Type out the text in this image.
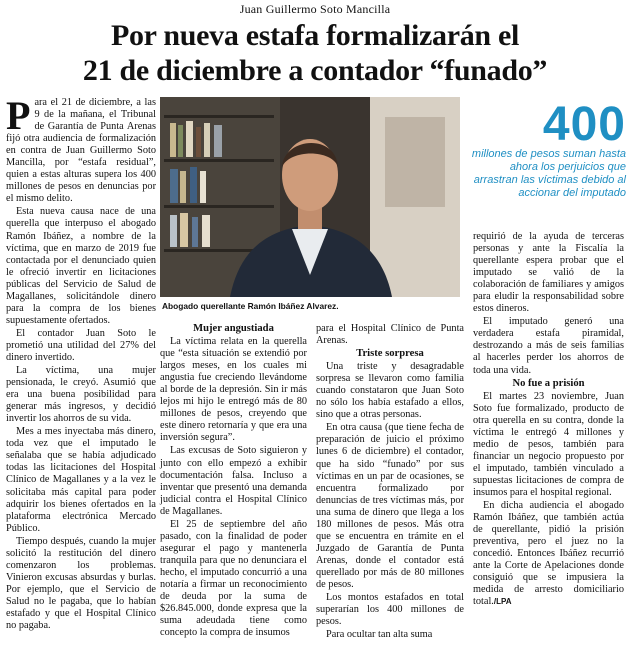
Juan Guillermo Soto Mancilla
Por nueva estafa formalizarán el
21 de diciembre a contador “funado”

Para el 21 de diciembre, a las 9 de la mañana, el Tribunal de Garantía de Punta Arenas fijó otra audiencia de formalización en contra de Juan Guillermo Soto Mancilla, por “estafa residual”, quien a estas alturas supera los 400 millones de pesos en denuncias por el mismo delito.

Esta nueva causa nace de una querella que interpuso el abogado Ramón Ibáñez, a nombre de la víctima, que en marzo de 2019 fue contactada por el denunciado quien le ofreció invertir en licitaciones públicas del Servicio de Salud de Magallanes, solicitándole dinero para la compra de los bienes supuestamente ofertados.

El contador Juan Soto le prometió una utilidad del 27% del dinero invertido.

La víctima, una mujer pensionada, le creyó. Asumió que era una buena posibilidad para generar más ingresos, y decidió invertir los ahorros de su vida.

Mes a mes inyectaba más dinero, toda vez que el imputado le señalaba que se había adjudicado todas las licitaciones del Hospital Clínico de Magallanes y a la vez le solicitaba más capital para poder adquirir los bienes ofertados en la plataforma electrónica Mercado Público.

Tiempo después, cuando la mujer solicitó la restitución del dinero comenzaron los problemas. Vinieron excusas absurdas y burlas. Por ejemplo, que el Servicio de Salud no le pagaba, que lo habían estafado y que el Hospital Clínico no pagaba.

Abogado querellante Ramón Ibáñez Alvarez.
400
millones de pesos suman hasta ahora los perjuicios que arrastran las víctimas debido al accionar del imputado

Mujer angustiada

La víctima relata en la querella que “esta situación se extendió por largos meses, en los cuales mi angustia fue creciendo llevándome al borde de la depresión. Sin ir más lejos mi hijo le entregó más de 80 millones de pesos, creyendo que este dinero retornaría y que era una inversión segura”.

Las excusas de Soto siguieron y junto con ello empezó a exhibir documentación falsa. Incluso a inventar que presentó una demanda judicial contra el Hospital Clínico de Magallanes.

El 25 de septiembre del año pasado, con la finalidad de poder asegurar el pago y mantenerla tranquila para que no denunciara el hecho, el imputado concurrió a una notaría a firmar un reconocimiento de deuda por la suma de $26.845.000, donde expresa que la suma adeudada tiene como concepto la compra de insumos

para el Hospital Clínico de Punta Arenas.

Triste sorpresa

Una triste y desagradable sorpresa se llevaron como familia cuando constataron que Juan Soto no sólo los había estafado a ellos, sino que a otras personas.

En otra causa (que tiene fecha de preparación de juicio el próximo lunes 6 de diciembre) el contador, que ha sido “funado” por sus víctimas en un par de ocasiones, se encuentra formalizado por denuncias de tres víctimas más, por una suma de dinero que llega a los 180 millones de pesos. Más otra que se encuentra en trámite en el Juzgado de Garantía de Punta Arenas, donde el contador está querellado por más de 80 millones de pesos.

Los montos estafados en total superarían los 400 millones de pesos.

Para ocultar tan alta suma

requirió de la ayuda de terceras personas y ante la Fiscalía la querellante espera probar que el imputado se valió de la colaboración de familiares y amigos para eludir la responsabilidad sobre estos dineros.

El imputado generó una verdadera estafa piramidal, destrozando a más de seis familias al hacerles perder los ahorros de toda una vida.

No fue a prisión

El martes 23 noviembre, Juan Soto fue formalizado, producto de otra querella en su contra, donde la víctima le entregó 4 millones y medio de pesos, también para financiar un negocio propuesto por el imputado, también vinculado a supuestas licitaciones de compra de insumos para el hospital regional.

En dicha audiencia el abogado Ramón Ibáñez, que también actúa de querellante, pidió la prisión preventiva, pero el juez no la concedió. Entonces Ibáñez recurrió ante la Corte de Apelaciones donde consiguió que se impusiera la medida de arresto domiciliario total./LPA
